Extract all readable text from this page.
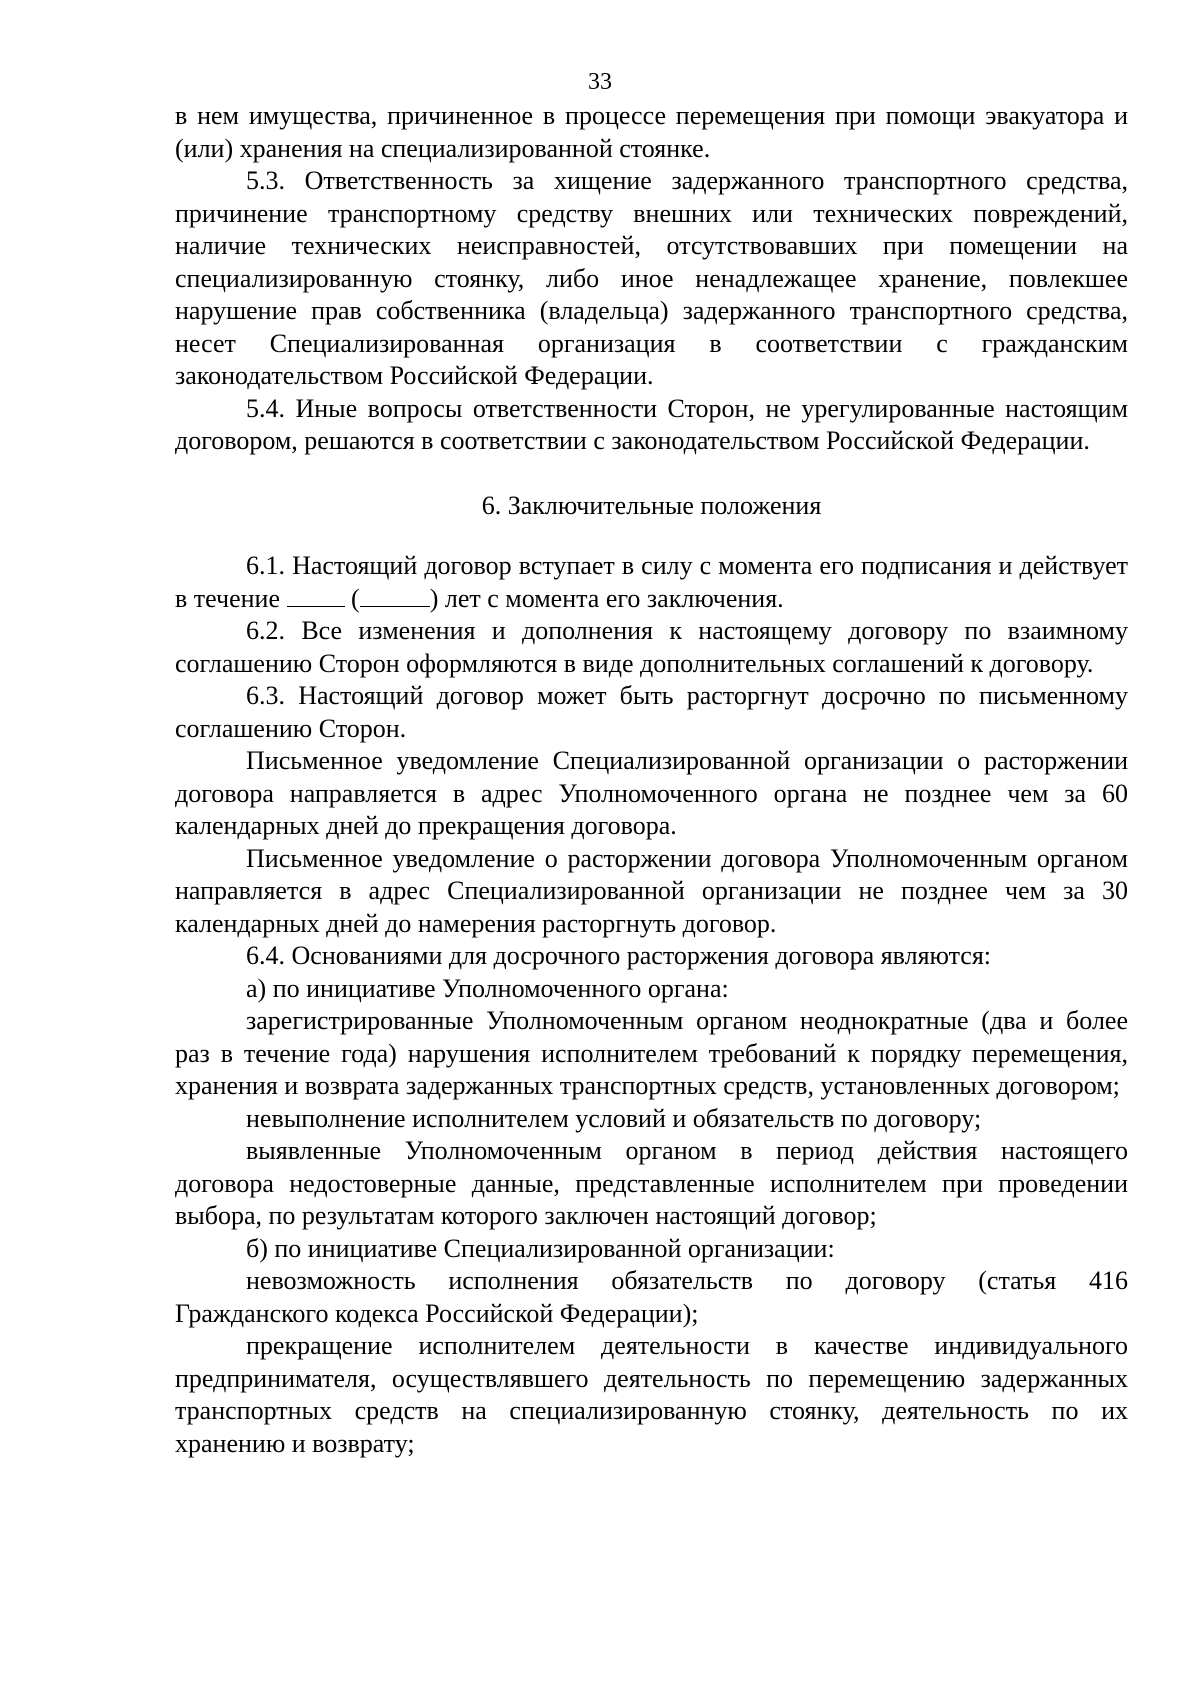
33

в нем имущества, причиненное в процессе перемещения при помощи эвакуатора и (или) хранения на специализированной стоянке.

5.3. Ответственность за хищение задержанного транспортного средства, причинение транспортному средству внешних или технических повреждений, наличие технических неисправностей, отсутствовавших при помещении на специализированную стоянку, либо иное ненадлежащее хранение, повлекшее нарушение прав собственника (владельца) задержанного транспортного средства, несет Специализированная организация в соответствии с гражданским законодательством Российской Федерации.

5.4. Иные вопросы ответственности Сторон, не урегулированные настоящим договором, решаются в соответствии с законодательством Российской Федерации.

6. Заключительные положения

6.1. Настоящий договор вступает в силу с момента его подписания и действует в течение	(	) лет с момента его заключения.

6.2. Все изменения и дополнения к настоящему договору по взаимному соглашению Сторон оформляются в виде дополнительных соглашений к договору.

6.3. Настоящий договор может быть расторгнут досрочно по письменному соглашению Сторон.

Письменное уведомление Специализированной организации о расторжении договора направляется в адрес Уполномоченного органа не позднее чем за 60 календарных дней до прекращения договора.

Письменное уведомление о расторжении договора Уполномоченным органом направляется в адрес Специализированной организации не позднее чем за 30 календарных дней до намерения расторгнуть договор.

6.4. Основаниями для досрочного расторжения договора являются:

а) по инициативе Уполномоченного органа:

зарегистрированные Уполномоченным органом неоднократные (два и более раз в течение года) нарушения исполнителем требований к порядку перемещения, хранения и возврата задержанных транспортных средств, установленных договором;

невыполнение исполнителем условий и обязательств по договору;

выявленные Уполномоченным органом в период действия настоящего договора недостоверные данные, представленные исполнителем при проведении выбора, по результатам которого заключен настоящий договор;

б) по инициативе Специализированной организации:

невозможность исполнения обязательств по договору (статья 416 Гражданского кодекса Российской Федерации);

прекращение исполнителем деятельности в качестве индивидуального предпринимателя, осуществлявшего деятельность по перемещению задержанных транспортных средств на специализированную стоянку, деятельность по их хранению и возврату;
